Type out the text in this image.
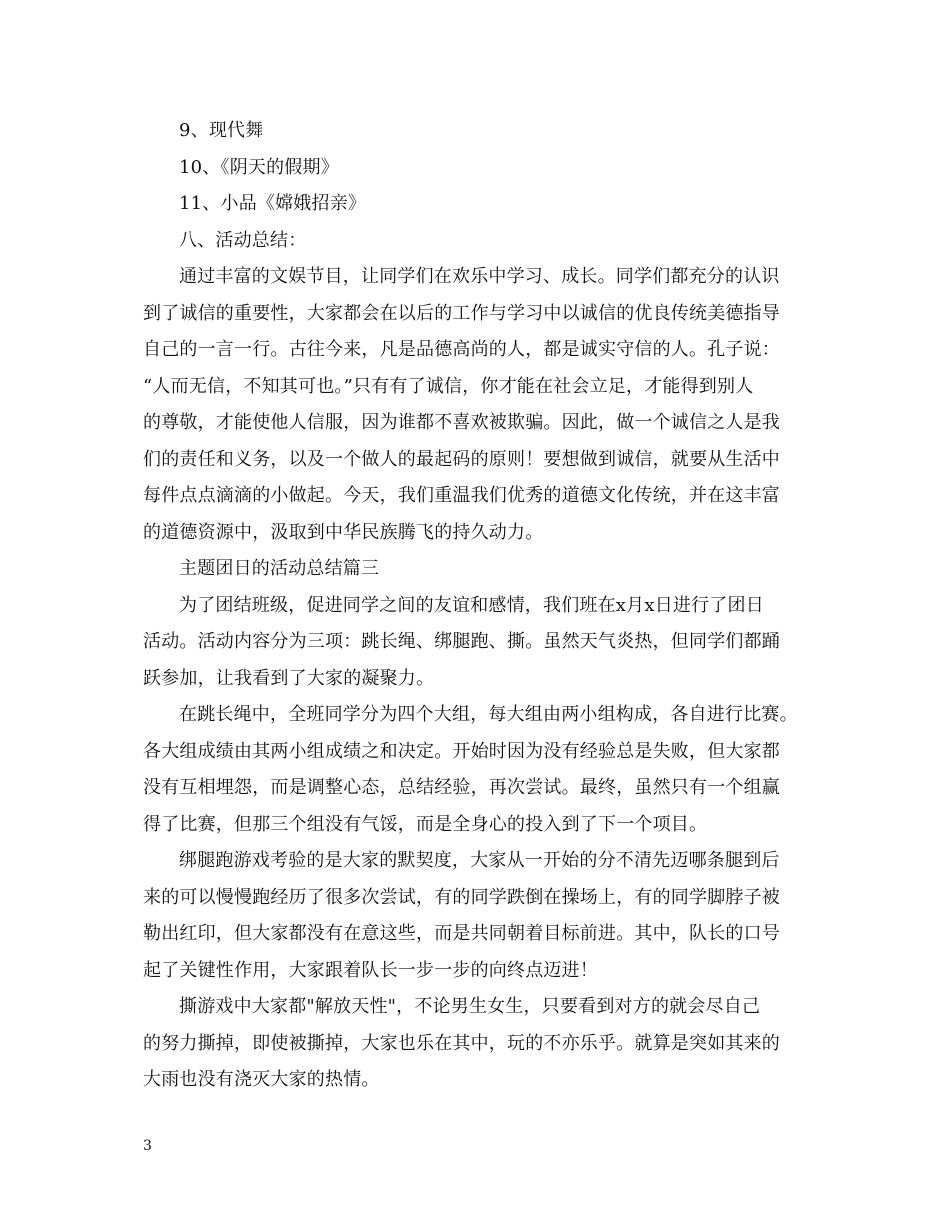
9、现代舞
10、《阴天的假期》
11、小品《嫦娥招亲》
八、活动总结：
通过丰富的文娱节目，让同学们在欢乐中学习、成长。同学们都充分的认识
到了诚信的重要性，大家都会在以后的工作与学习中以诚信的优良传统美德指导
自己的一言一行。古往今来，凡是品德高尚的人，都是诚实守信的人。孔子说：
“人而无信，不知其可也。”只有有了诚信，你才能在社会立足，才能得到别人
的尊敬，才能使他人信服，因为谁都不喜欢被欺骗。因此，做一个诚信之人是我
们的责任和义务，以及一个做人的最起码的原则！要想做到诚信，就要从生活中
每件点点滴滴的小做起。今天，我们重温我们优秀的道德文化传统，并在这丰富
的道德资源中，汲取到中华民族腾飞的持久动力。
主题团日的活动总结篇三
为了团结班级，促进同学之间的友谊和感情，我们班在x月x日进行了团日
活动。活动内容分为三项：跳长绳、绑腿跑、撕。虽然天气炎热，但同学们都踊
跃参加，让我看到了大家的凝聚力。
在跳长绳中，全班同学分为四个大组，每大组由两小组构成，各自进行比赛。
各大组成绩由其两小组成绩之和决定。开始时因为没有经验总是失败，但大家都
没有互相埋怨，而是调整心态，总结经验，再次尝试。最终，虽然只有一个组赢
得了比赛，但那三个组没有气馁，而是全身心的投入到了下一个项目。
绑腿跑游戏考验的是大家的默契度，大家从一开始的分不清先迈哪条腿到后
来的可以慢慢跑经历了很多次尝试，有的同学跌倒在操场上，有的同学脚脖子被
勒出红印，但大家都没有在意这些，而是共同朝着目标前进。其中，队长的口号
起了关键性作用，大家跟着队长一步一步的向终点迈进！
撕游戏中大家都"解放天性"，不论男生女生，只要看到对方的就会尽自己
的努力撕掉，即使被撕掉，大家也乐在其中，玩的不亦乐乎。就算是突如其来的
大雨也没有浇灭大家的热情。
3
